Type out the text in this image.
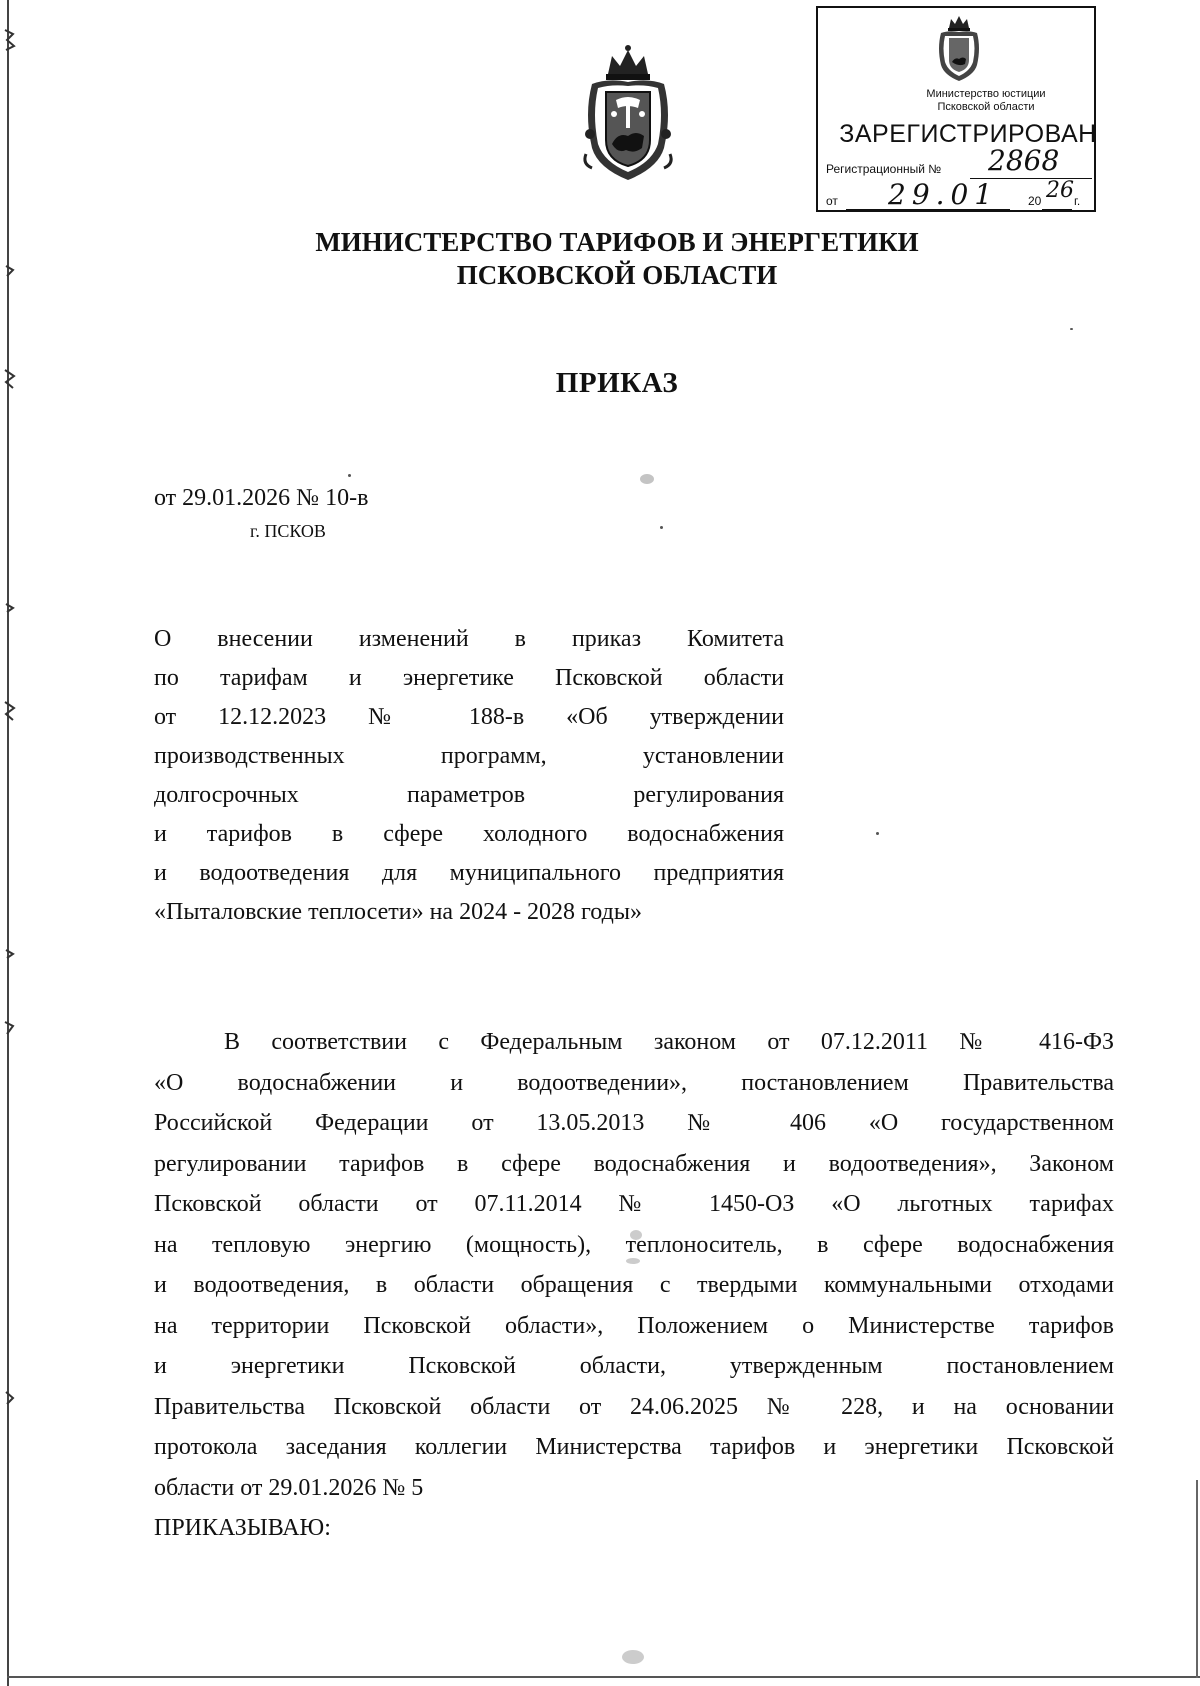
Министерство юстиции
Псковской области
ЗАРЕГИСТРИРОВАН
Регистрационный № 2868
от 29.01 20 26 г.
МИНИСТЕРСТВО ТАРИФОВ И ЭНЕРГЕТИКИ
ПСКОВСКОЙ ОБЛАСТИ
ПРИКАЗ
от 29.01.2026 № 10-в
г. ПСКОВ
О внесении изменений в приказ Комитета
по тарифам и энергетике Псковской области
от 12.12.2023 № 188-в «Об утверждении
производственных программ, установлении
долгосрочных параметров регулирования
и тарифов в сфере холодного водоснабжения
и водоотведения для муниципального предприятия
«Пыталовские теплосети» на 2024 - 2028 годы»
В соответствии с Федеральным законом от 07.12.2011 № 416-ФЗ
«О водоснабжении и водоотведении», постановлением Правительства
Российской Федерации от 13.05.2013 № 406 «О государственном
регулировании тарифов в сфере водоснабжения и водоотведения», Законом
Псковской области от 07.11.2014 № 1450-ОЗ «О льготных тарифах
на тепловую энергию (мощность), теплоноситель, в сфере водоснабжения
и водоотведения, в области обращения с твердыми коммунальными отходами
на территории Псковской области», Положением о Министерстве тарифов
и энергетики Псковской области, утвержденным постановлением
Правительства Псковской области от 24.06.2025 № 228, и на основании
протокола заседания коллегии Министерства тарифов и энергетики Псковской
области от 29.01.2026 № 5
ПРИКАЗЫВАЮ:
